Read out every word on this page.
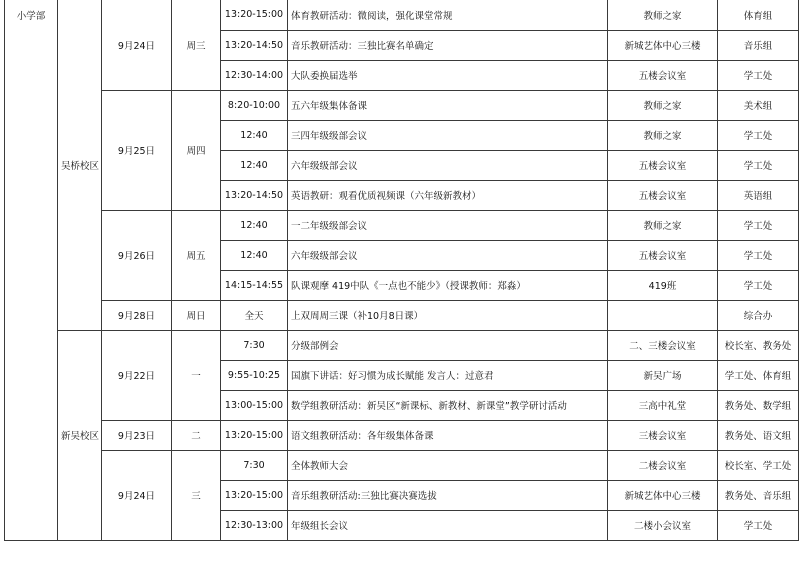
小学部	吴桥校区	9月24日	周三	13:20-15:00	体育教研活动：微阅读，强化课堂常规	教师之家	体育组
				13:20-14:50	音乐教研活动：三独比赛名单确定	新城艺体中心三楼	音乐组
				12:30-14:00	大队委换届选举	五楼会议室	学工处
		9月25日	周四	8:20-10:00	五六年级集体备课	教师之家	美术组
				12:40	三四年级级部会议	教师之家	学工处
				12:40	六年级级部会议	五楼会议室	学工处
				13:20-14:50	英语教研：观看优质视频课（六年级新教材）	五楼会议室	英语组
		9月26日	周五	12:40	一二年级级部会议	教师之家	学工处
				12:40	六年级级部会议	五楼会议室	学工处
				14:15-14:55	队课观摩 419中队《一点也不能少》（授课教师：郑淼）	419班	学工处
		9月28日	周日	全天	上双周周三课（补10月8日课）		综合办
	新吴校区	9月22日	一	7:30	分级部例会	二、三楼会议室	校长室、教务处
				9:55-10:25	国旗下讲话：好习惯为成长赋能 发言人：过意君	新吴广场	学工处、体育组
				13:00-15:00	数学组教研活动：新吴区“新课标、新教材、新课堂”教学研讨活动	三高中礼堂	教务处、数学组
		9月23日	二	13:20-15:00	语文组教研活动：各年级集体备课	三楼会议室	教务处、语文组
		9月24日	三	7:30	全体教师大会	二楼会议室	校长室、学工处
				13:20-15:00	音乐组教研活动:三独比赛决赛选拔	新城艺体中心三楼	教务处、音乐组
				12:30-13:00	年级组长会议	二楼小会议室	学工处
